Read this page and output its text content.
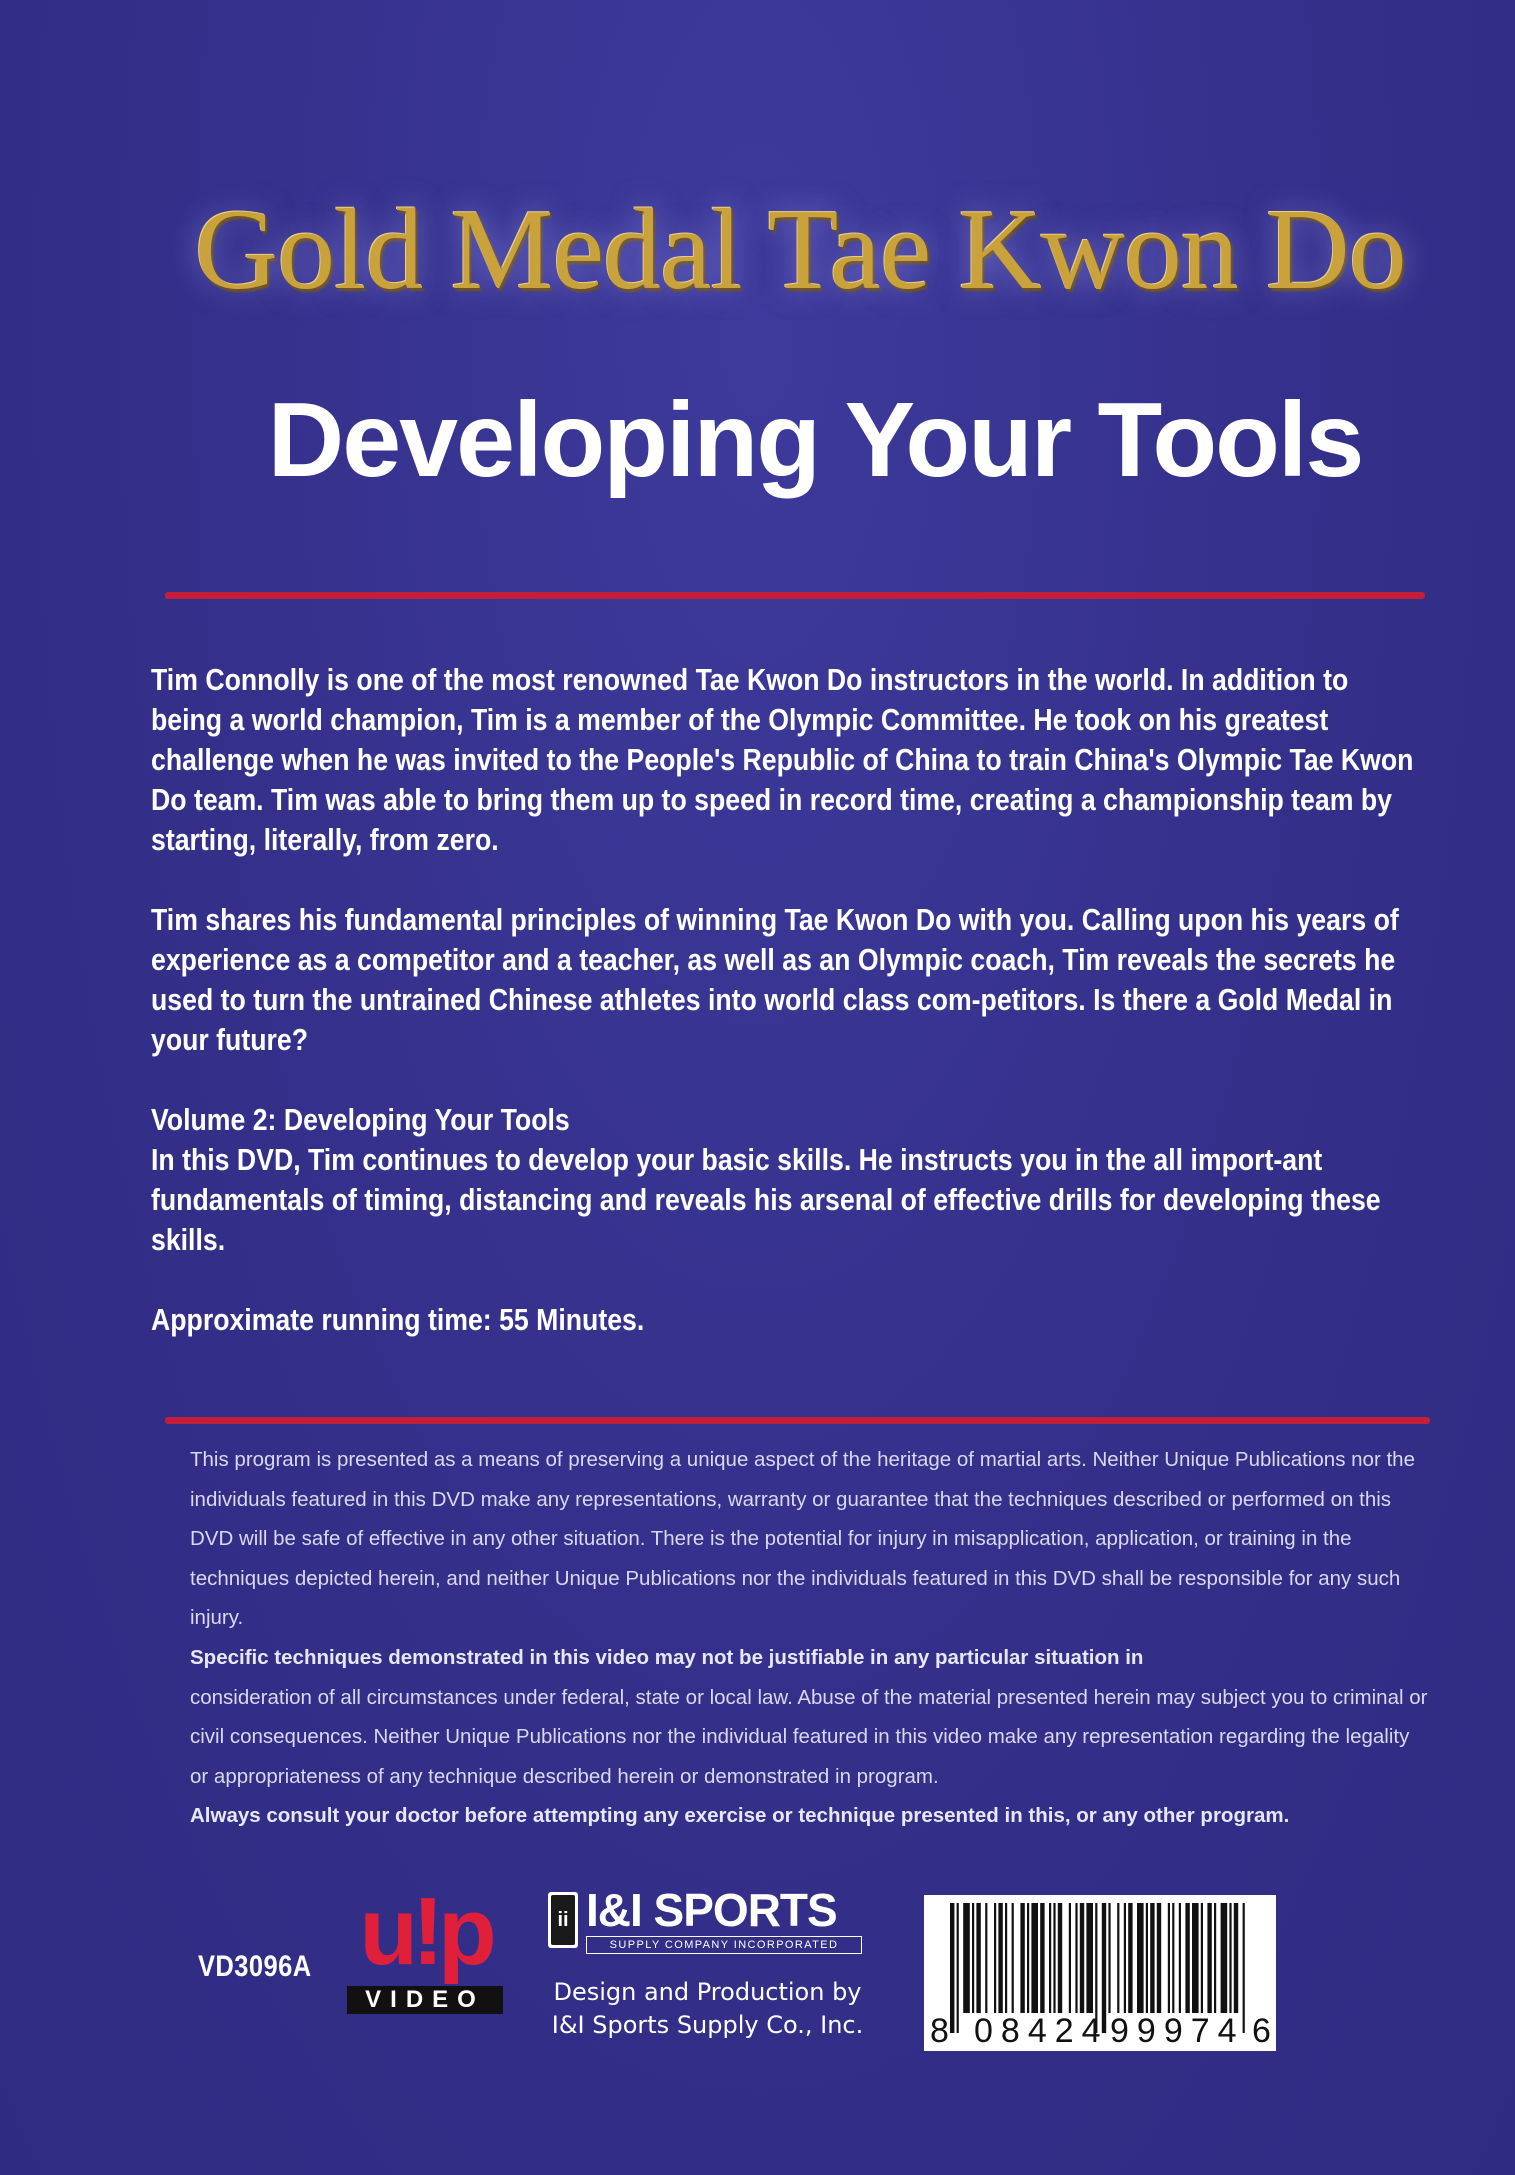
Gold Medal Tae Kwon Do
Developing Your Tools

Tim Connolly is one of the most renowned Tae Kwon Do instructors in the world. In addition to being a world champion, Tim is a member of the Olympic Committee. He took on his greatest challenge when he was invited to the People's Republic of China to train China's Olympic Tae Kwon Do team. Tim was able to bring them up to speed in record time, creating a championship team by starting, literally, from zero.

Tim shares his fundamental principles of winning Tae Kwon Do with you. Calling upon his years of experience as a competitor and a teacher, as well as an Olympic coach, Tim reveals the secrets he used to turn the untrained Chinese athletes into world class com-petitors. Is there a Gold Medal in your future?

Volume 2: Developing Your Tools

In this DVD, Tim continues to develop your basic skills. He instructs you in the all import-ant fundamentals of timing, distancing and reveals his arsenal of effective drills for developing these skills.

Approximate running time: 55 Minutes.

This program is presented as a means of preserving a unique aspect of the heritage of martial arts. Neither Unique Publications nor the individuals featured in this DVD make any representations, warranty or guarantee that the techniques described or performed on this DVD will be safe of effective in any other situation. There is the potential for injury in misapplication, application, or training in the techniques depicted herein, and neither Unique Publications nor the individuals featured in this DVD shall be responsible for any such injury.

Specific techniques demonstrated in this video may not be justifiable in any particular situation in

consideration of all circumstances under federal, state or local law. Abuse of the material presented herein may subject you to criminal or civil consequences. Neither Unique Publications nor the individual featured in this video make any representation regarding the legality or appropriateness of any technique described herein or demonstrated in program.

Always consult your doctor before attempting any exercise or technique presented in this, or any other program.

VD3096A u!p
VIDEO
ii I&I SPORTS
SUPPLY COMPANY INCORPORATED
Design and Production by
I&I Sports Supply Co., Inc.	8 08424 99974 6
